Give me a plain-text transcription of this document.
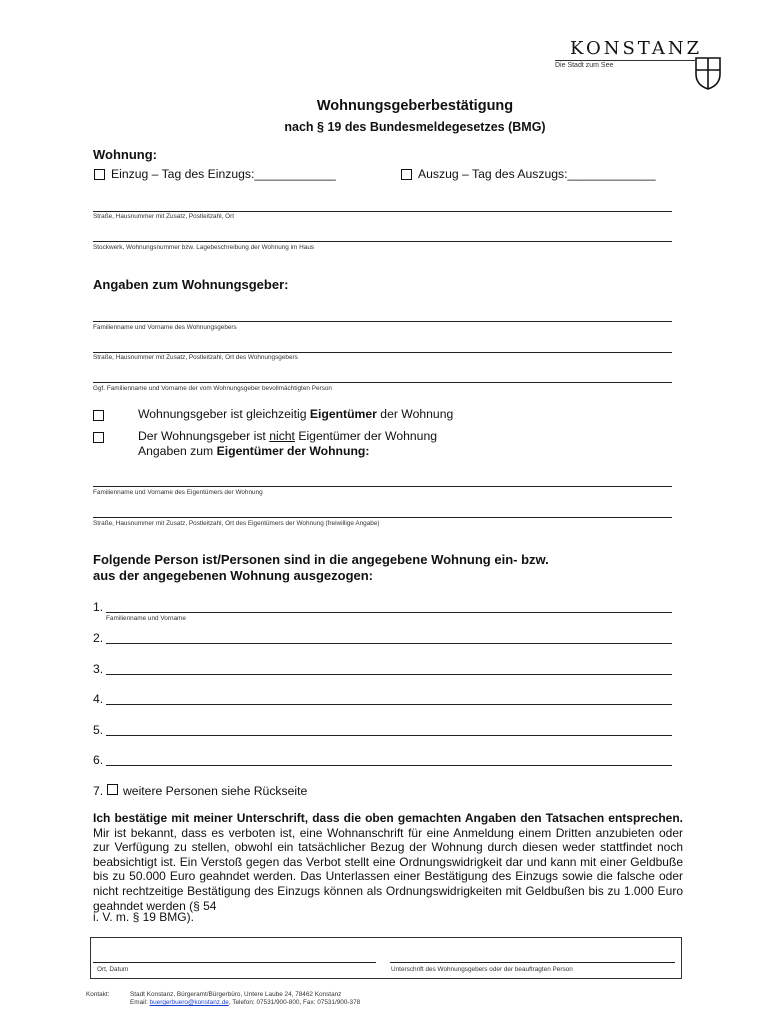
KONSTANZ
Die Stadt zum See
Wohnungsgeberbestätigung
nach § 19 des Bundesmeldegesetzes (BMG)
Wohnung:
Einzug – Tag des Einzugs:____________	Auszug – Tag des Auszugs:_____________
Straße, Hausnummer mit Zusatz, Postleitzahl, Ort
Stockwerk, Wohnungsnummer bzw. Lagebeschreibung der Wohnung im Haus
Angaben zum Wohnungsgeber:
Familienname und Vorname des Wohnungsgebers
Straße, Hausnummer mit Zusatz, Postleitzahl, Ort des Wohnungsgebers
Ggf. Familienname und Vorname der vom Wohnungsgeber bevollmächtigten Person
Wohnungsgeber ist gleichzeitig Eigentümer der Wohnung
Der Wohnungsgeber ist nicht Eigentümer der Wohnung
Angaben zum Eigentümer der Wohnung:
Familienname und Vorname des Eigentümers der Wohnung
Straße, Hausnummer mit Zusatz, Postleitzahl, Ort des Eigentümers der Wohnung (freiwillige Angabe)
Folgende Person ist/Personen sind in die angegebene Wohnung ein- bzw.
aus der angegebenen Wohnung ausgezogen:
1.
Familienname und Vorname
2.
3.
4.
5.
6.
7. weitere Personen siehe Rückseite
Ich bestätige mit meiner Unterschrift, dass die oben gemachten Angaben den Tatsachen entsprechen. Mir ist bekannt, dass es verboten ist, eine Wohnanschrift für eine Anmeldung einem Dritten anzubieten oder zur Verfügung zu stellen, obwohl ein tatsächlicher Bezug der Wohnung durch diesen weder stattfindet noch beabsichtigt ist. Ein Verstoß gegen das Verbot stellt eine Ordnungswidrigkeit dar und kann mit einer Geldbuße bis zu 50.000 Euro geahndet werden. Das Unterlassen einer Bestätigung des Einzugs sowie die falsche oder nicht rechtzeitige Bestätigung des Einzugs können als Ordnungswidrigkeiten mit Geldbußen bis zu 1.000 Euro geahndet werden (§ 54
i. V. m. § 19 BMG).
Ort, Datum	Unterschrift des Wohnungsgebers oder der beauftragten Person
Kontakt:	Stadt Konstanz, Bürgeramt/Bürgerbüro, Untere Laube 24, 78462 Konstanz
Email: buergerbuero@konstanz.de, Telefon: 07531/900-800, Fax: 07531/900-378
